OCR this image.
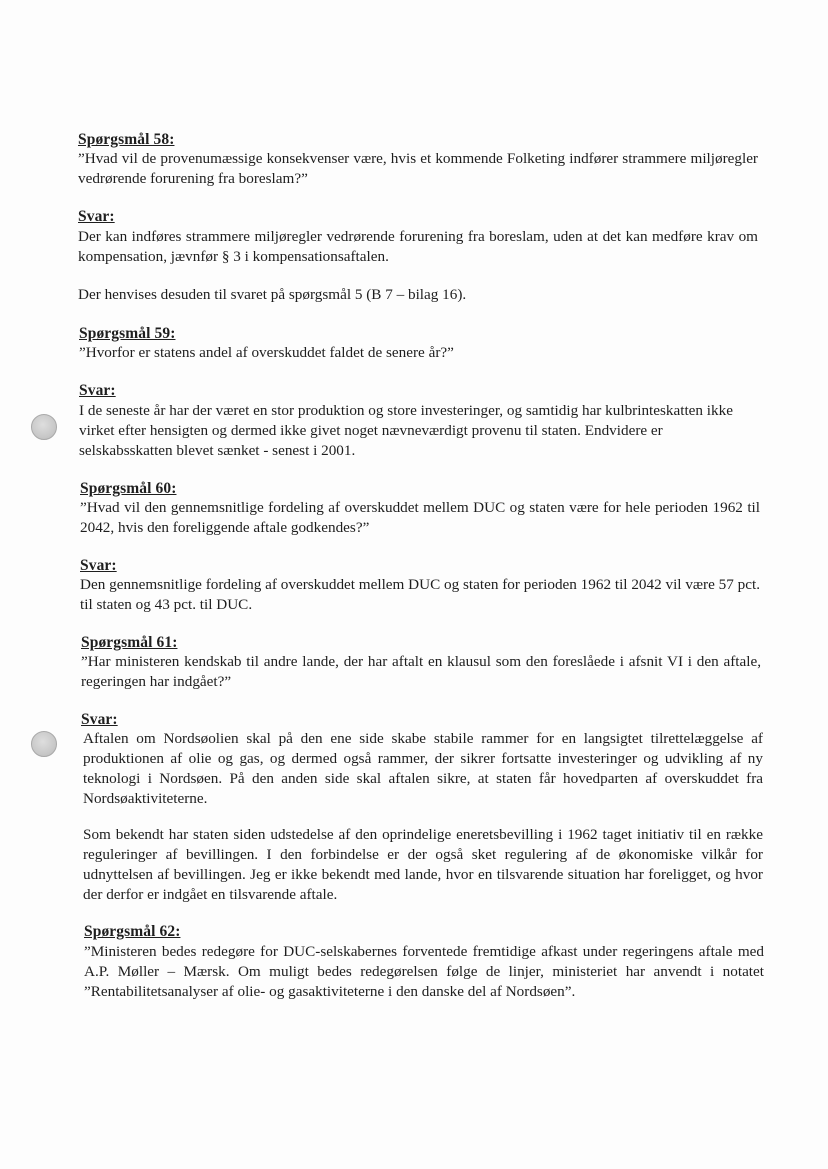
Spørgsmål 58:

”Hvad vil de provenumæssige konsekvenser være, hvis et kommende Folketing indfører strammere miljøregler vedrørende forurening fra boreslam?”

Svar:

Der kan indføres strammere miljøregler vedrørende forurening fra boreslam, uden at det kan medføre krav om kompensation, jævnfør § 3 i kompensationsaftalen.

Der henvises desuden til svaret på spørgsmål 5 (B 7 – bilag 16).

Spørgsmål 59:

”Hvorfor er statens andel af overskuddet faldet de senere år?”

Svar:

I de seneste år har der været en stor produktion og store investeringer, og samtidig har kulbrinteskatten ikke virket efter hensigten og dermed ikke givet noget nævneværdigt provenu til staten. Endvidere er selskabsskatten blevet sænket - senest i 2001.

Spørgsmål 60:

”Hvad vil den gennemsnitlige fordeling af overskuddet mellem DUC og staten være for hele perioden 1962 til 2042, hvis den foreliggende aftale godkendes?”

Svar:

Den gennemsnitlige fordeling af overskuddet mellem DUC og staten for perioden 1962 til 2042 vil være 57 pct. til staten og 43 pct. til DUC.

Spørgsmål 61:

”Har ministeren kendskab til andre lande, der har aftalt en klausul som den foreslåede i afsnit VI i den aftale, regeringen har indgået?”

Svar:

Aftalen om Nordsøolien skal på den ene side skabe stabile rammer for en langsigtet tilrettelæggelse af produktionen af olie og gas, og dermed også rammer, der sikrer fortsatte investeringer og udvikling af ny teknologi i Nordsøen. På den anden side skal aftalen sikre, at staten får hovedparten af overskuddet fra Nordsøaktiviteterne.

Som bekendt har staten siden udstedelse af den oprindelige eneretsbevilling i 1962 taget initiativ til en række reguleringer af bevillingen. I den forbindelse er der også sket regulering af de økonomiske vilkår for udnyttelsen af bevillingen. Jeg er ikke bekendt med lande, hvor en tilsvarende situation har foreligget, og hvor der derfor er indgået en tilsvarende aftale.

Spørgsmål 62:

”Ministeren bedes redegøre for DUC-selskabernes forventede fremtidige afkast under regeringens aftale med A.P. Møller – Mærsk. Om muligt bedes redegørelsen følge de linjer, ministeriet har anvendt i notatet ”Rentabilitetsanalyser af olie- og gasaktiviteterne i den danske del af Nordsøen”.
